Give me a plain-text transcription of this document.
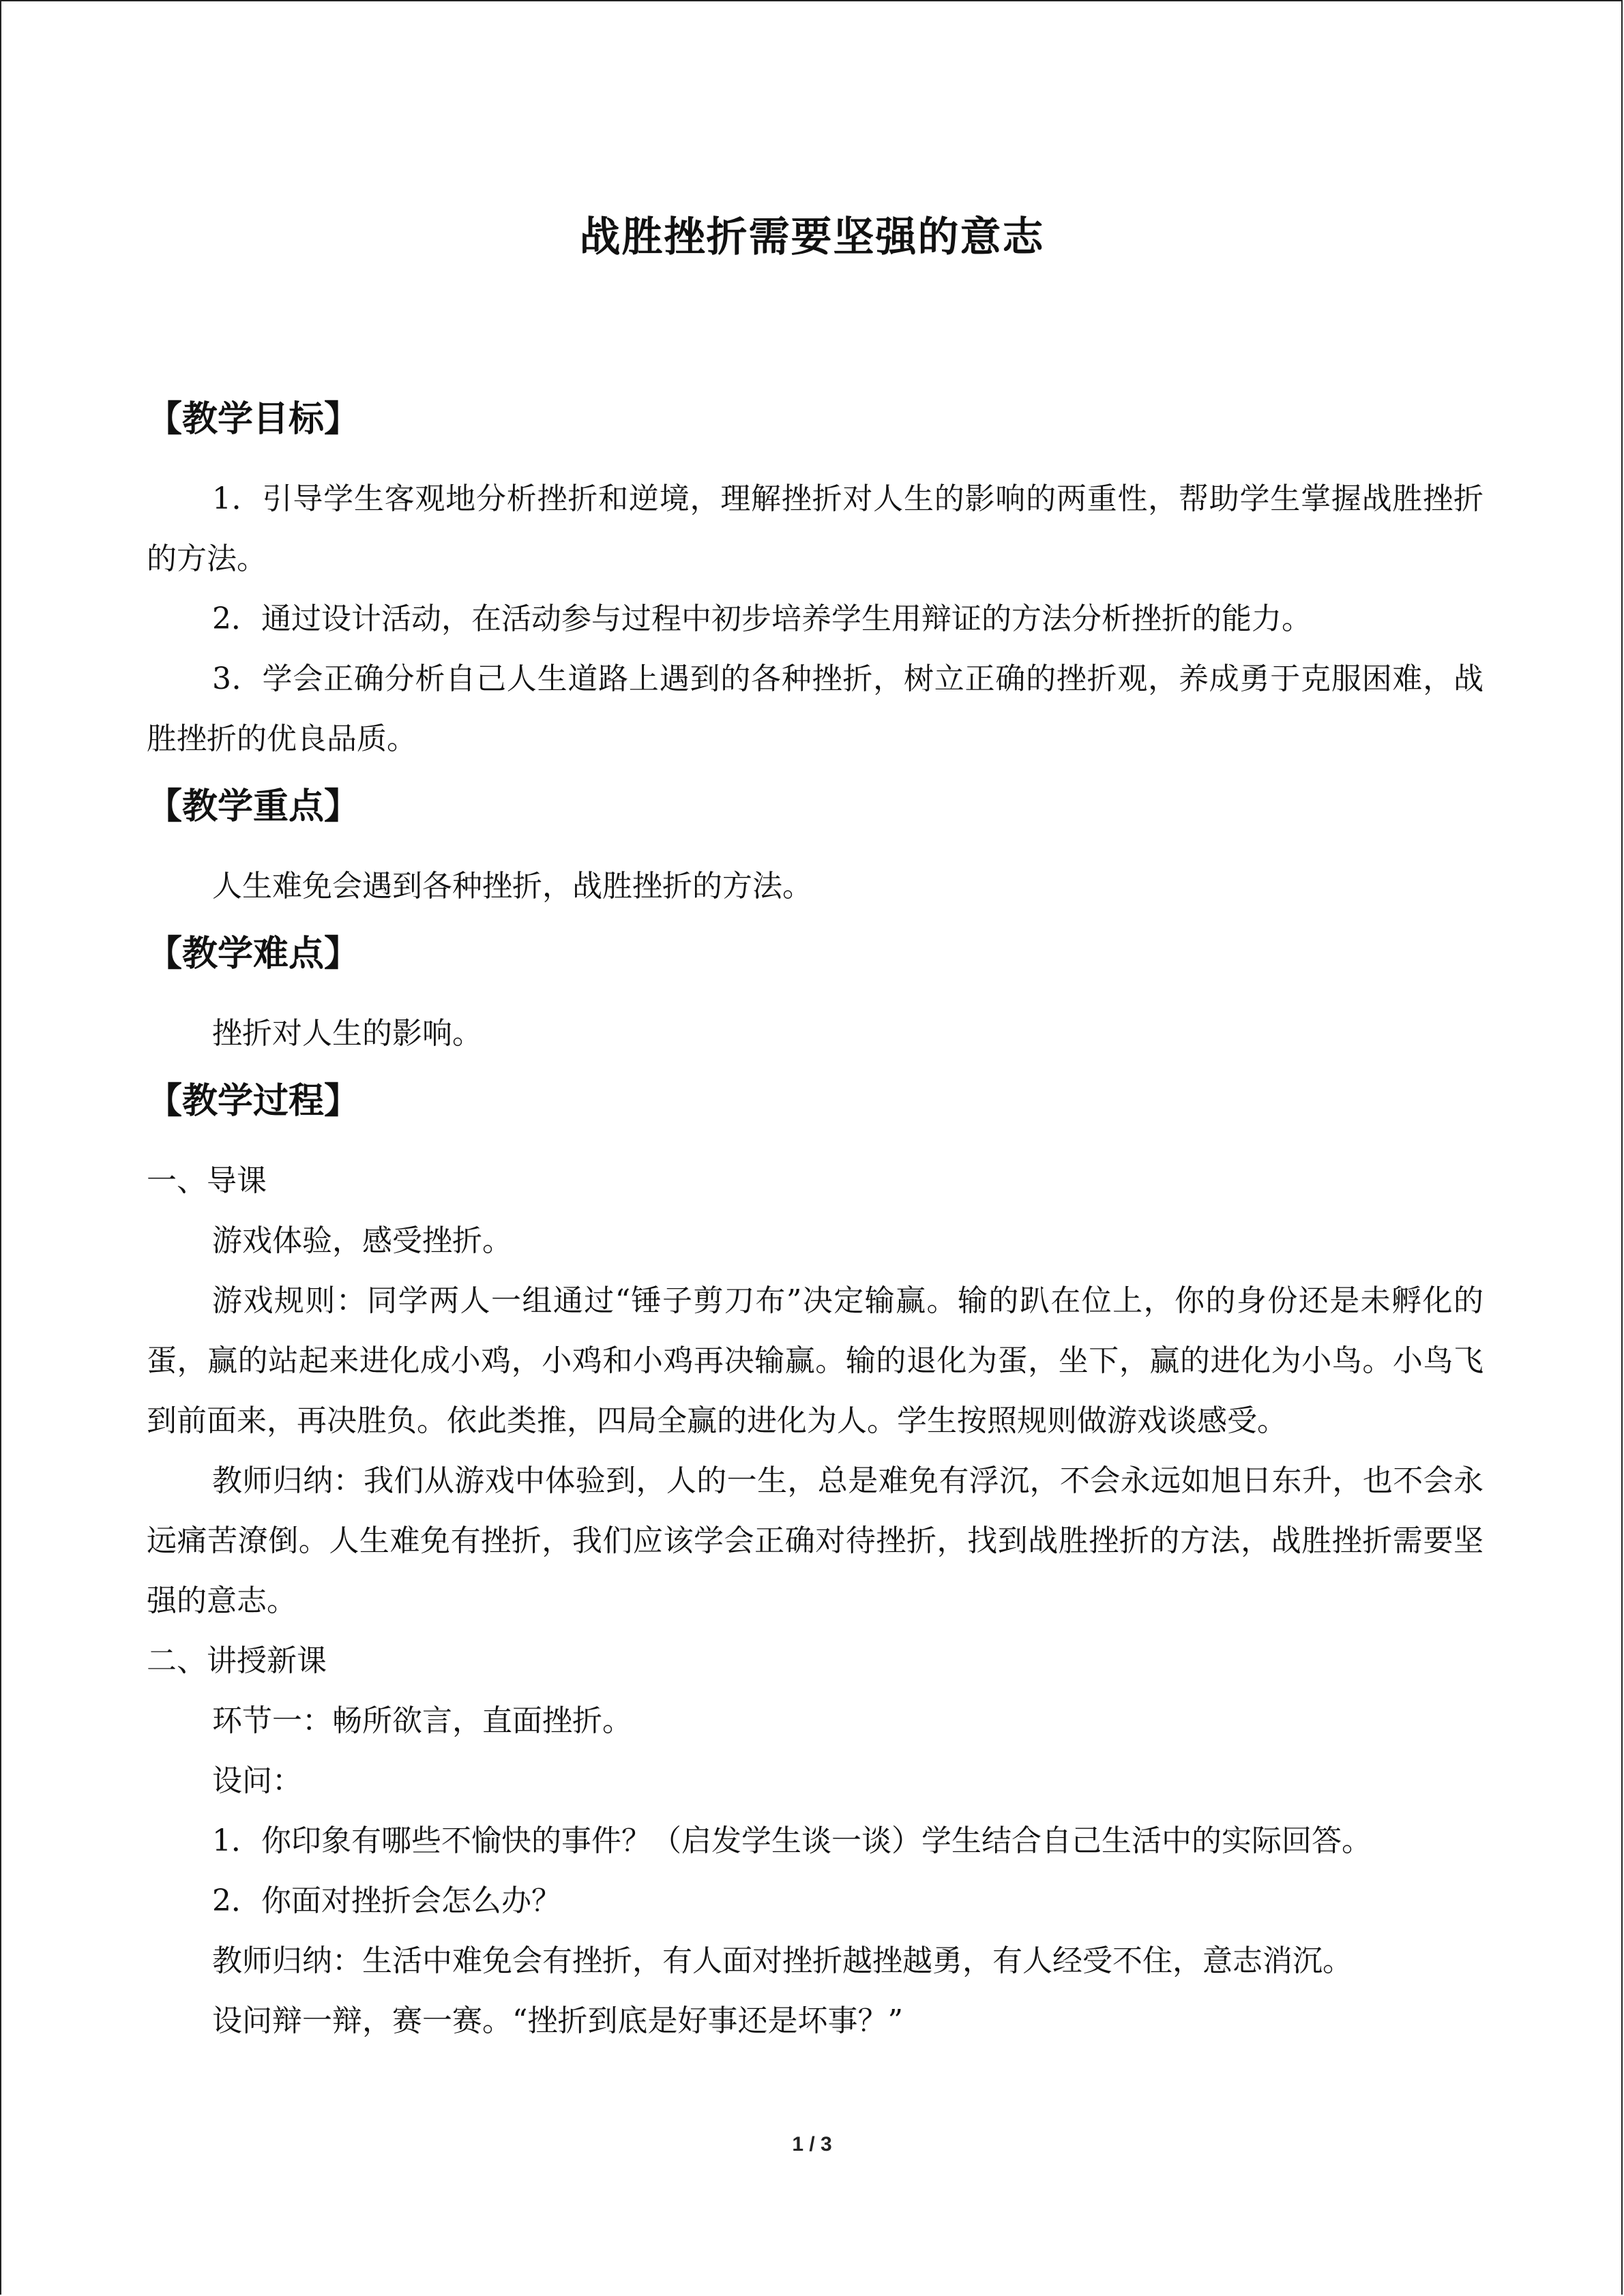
战胜挫折需要坚强的意志
【教学目标】

1．引导学生客观地分析挫折和逆境，理解挫折对人生的影响的两重性，帮助学生掌握战胜挫折的方法。

2．通过设计活动，在活动参与过程中初步培养学生用辩证的方法分析挫折的能力。

3．学会正确分析自己人生道路上遇到的各种挫折，树立正确的挫折观，养成勇于克服困难，战胜挫折的优良品质。

【教学重点】

人生难免会遇到各种挫折，战胜挫折的方法。

【教学难点】

挫折对人生的影响。

【教学过程】

一、导课

游戏体验，感受挫折。

游戏规则：同学两人一组通过“锤子剪刀布”决定输赢。输的趴在位上，你的身份还是未孵化的蛋，赢的站起来进化成小鸡，小鸡和小鸡再决输赢。输的退化为蛋，坐下，赢的进化为小鸟。小鸟飞到前面来，再决胜负。依此类推，四局全赢的进化为人。学生按照规则做游戏谈感受。

教师归纳：我们从游戏中体验到，人的一生，总是难免有浮沉，不会永远如旭日东升，也不会永远痛苦潦倒。人生难免有挫折，我们应该学会正确对待挫折，找到战胜挫折的方法，战胜挫折需要坚强的意志。

二、讲授新课

环节一：畅所欲言，直面挫折。

设问：

1．你印象有哪些不愉快的事件？（启发学生谈一谈）学生结合自己生活中的实际回答。

2．你面对挫折会怎么办？

教师归纳：生活中难免会有挫折，有人面对挫折越挫越勇，有人经受不住，意志消沉。

设问辩一辩，赛一赛。“挫折到底是好事还是坏事？”

1 / 3
